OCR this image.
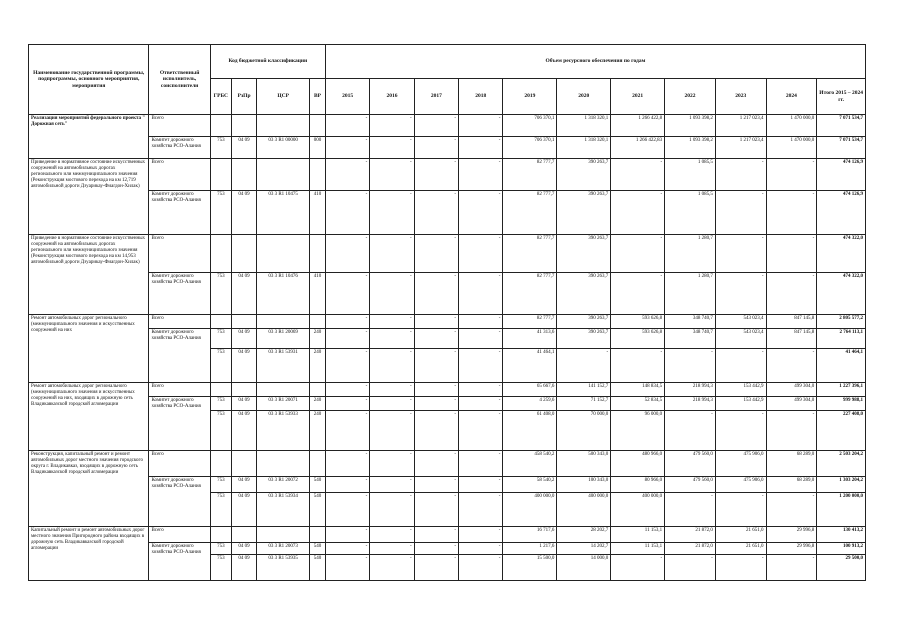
Наименование государственной программы, подпрограммы, основного мероприятия, мероприятия	Ответственный исполнитель, соисполнители	Код бюджетной классификации				Объем ресурсного обеспечения по годам										
		ГРБС	РзПр	ЦСР	ВР	2015	2016	2017	2018	2019	2020	2021	2022	2023	2024	Итого 2015 – 2024 гг.
Реализация мероприятий федерального проекта " Дорожная сеть"	Всего					-	-	-	-	706 370,1	1 318 320,1	1 266 422,8	1 093 398,2	1 217 023,4	1 470 000,0	7 071 534,7
	Комитет дорожного хозяйства РСО-Алания	753	04 09	03 3 R1 00000	000	-	-	-	-	706 370,1	1 318 320,1	1 266 422,83	1 093 398,2	1 217 023,4	1 470 000,0	7 071 534,7
Приведение в нормативное состояние искусственных сооружений на автомобильных дорогах регионального или межмуниципального значения (Реконструкция мостового перехода на км 12,719 автомобильной дороги Дзуарикау-Фиагдон-Хилак)	Всего					-	-	-	-	82 777,7	390 263,7	-	1 085,5	-	-	474 126,9
	Комитет дорожного хозяйства РСО-Алания	753	04 09	03 3 R1 10475	410	-	-	-	-	82 777,7	390 263,7	-	1 085,5	-	-	474 126,9
Приведение в нормативное состояние искусственных сооружений на автомобильных дорогах регионального или межмуниципального значения (Реконструкция мостового перехода на км 14,953 автомобильной дороги Дзуарикау-Фиагдон-Хилак)	Всего					-	-	-	-	82 777,7	390 263,7	-	1 280,7	-	-	474 322,0
	Комитет дорожного хозяйства РСО-Алания	753	04 09	03 3 R1 10476	410	-	-	-	-	82 777,7	390 263,7	-	1 280,7	-	-	474 322,0
Ремонт автомобильных дорог регионального (межмуниципального значения и искусственных сооружений на них	Всего					-	-	-	-	82 777,7	390 263,7	593 626,8	348 740,7	543 023,4	847 145,8	2 805 577,2
	Комитет дорожного хозяйства РСО-Алания	753	04 09	03 3 R1 20069	240	-	-	-	-	41 313,6	390 263,7	593 626,8	348 740,7	543 023,4	847 145,8	2 764 113,1
		753	04 09	03 3 R1 53931	240	-	-	-	-	41 464,1	-	-	-	-	-	41 464,1
Ремонт автомобильных дорог регионального (межмуниципального значения и искусственных сооружений на них, входящих в дорожную сеть Владикавказской городской агломерации	Всего					-	-	-	-	65 667,6	141 152,7	148 834,5	218 994,3	153 442,9	499 304,0	1 227 396,1
	Комитет дорожного хозяйства РСО-Алания	753	04 09	03 3 R1 20071	240	-	-	-	-	4 259,6	71 152,7	52 834,5	218 994,3	153 442,9	499 304,0	999 988,1
		753	04 09	03 3 R1 53933	240	-	-	-	-	61 408,0	70 000,0	96 000,0	-	-	-	227 408,0
Реконструкция, капитальный ремонт и ремонт автомобильных дорог местного значения городского округа г. Владикавказ, входящих в дорожную сеть Владикавказской городской агломерации	Всего					-	-	-	-	458 540,2	500 343,0	480 966,0	479 560,0	475 906,0	68 289,0	2 503 204,2
	Комитет дорожного хозяйства РСО-Алания	753	04 09	03 3 R1 20072	540	-	-	-	-	58 540,2	100 343,0	80 966,0	479 560,0	475 906,0	68 289,0	1 303 204,2
		753	04 09	03 3 R1 53934	540	-	-	-	-	400 000,0	400 000,0	400 000,0	-	-	-	1 200 000,0
Капитальный ремонт и ремонт автомобильных дорог местного значения Пригородного района входящих в дорожную сеть Владикавказской городской агломерации	Всего					-	-	-	-	16 717,6	28 202,7	11 153,1	21 872,0	21 651,0	29 996,8	130 413,2
	Комитет дорожного хозяйства РСО-Алания	753	04 09	03 3 R1 20073	540	-	-	-	-	1 217,6	14 202,7	11 153,1	21 872,0	21 651,0	29 996,8	100 913,2
		753	04 09	03 3 R1 53935	540	-	-	-	-	15 500,0	14 000,0	-	-	-	-	29 500,0
